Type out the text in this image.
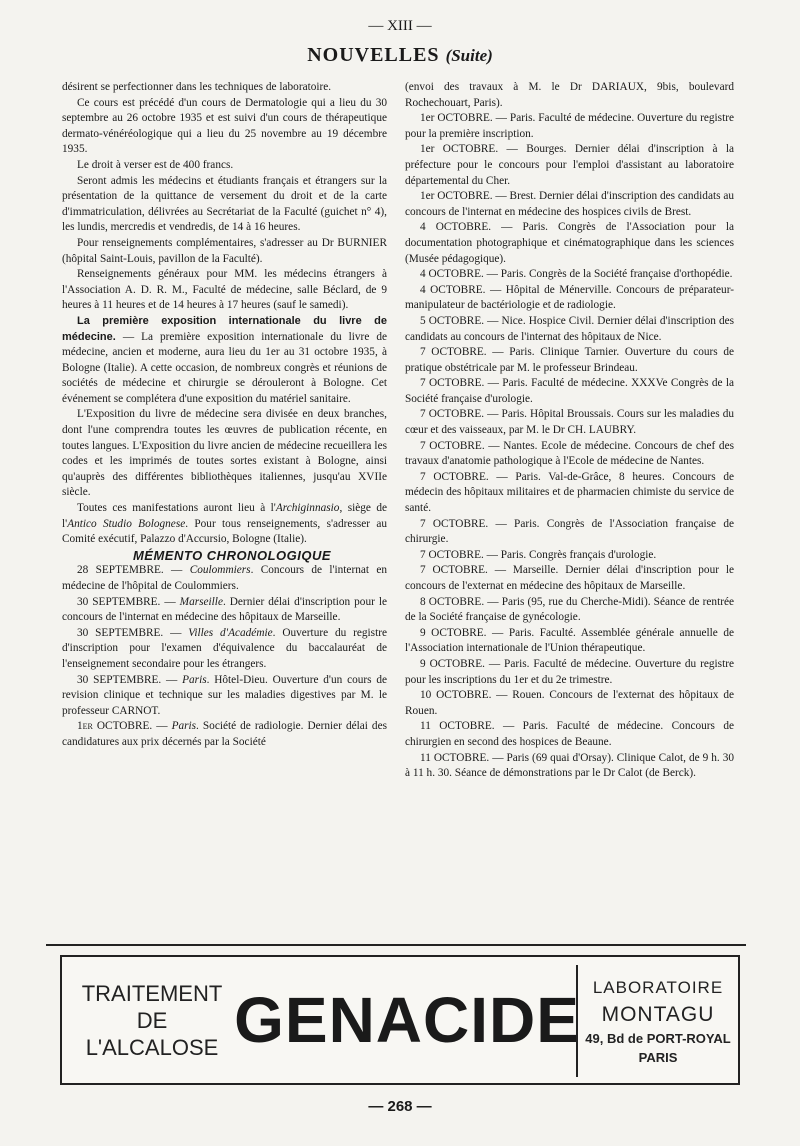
— XIII —
NOUVELLES (Suite)

désirent se perfectionner dans les techniques de laboratoire.

Ce cours est précédé d'un cours de Dermatologie qui a lieu du 30 septembre au 26 octobre 1935 et est suivi d'un cours de thérapeutique dermato-vénéréologique qui a lieu du 25 novembre au 19 décembre 1935.

Le droit à verser est de 400 francs.

Seront admis les médecins et étudiants français et étrangers sur la présentation de la quittance de versement du droit et de la carte d'immatriculation, délivrées au Secrétariat de la Faculté (guichet n° 4), les lundis, mercredis et vendredis, de 14 à 16 heures.

Pour renseignements complémentaires, s'adresser au Dr BURNIER (hôpital Saint-Louis, pavillon de la Faculté).

Renseignements généraux pour MM. les médecins étrangers à l'Association A. D. R. M., Faculté de médecine, salle Béclard, de 9 heures à 11 heures et de 14 heures à 17 heures (sauf le samedi).

La première exposition internationale du livre de médecine. — La première exposition internationale du livre de médecine, ancien et moderne, aura lieu du 1er au 31 octobre 1935, à Bologne (Italie). A cette occasion, de nombreux congrès et réunions de sociétés de médecine et chirurgie se dérouleront à Bologne. Cet événement se complétera d'une exposition du matériel sanitaire.

L'Exposition du livre de médecine sera divisée en deux branches, dont l'une comprendra toutes les œuvres de publication récente, en toutes langues. L'Exposition du livre ancien de médecine recueillera les codes et les imprimés de toutes sortes existant à Bologne, ainsi qu'auprès des différentes bibliothèques italiennes, jusqu'au XVIIe siècle.

Toutes ces manifestations auront lieu à l'Archiginnasio, siège de l'Antico Studio Bolognese. Pour tous renseignements, s'adresser au Comité exécutif, Palazzo d'Accursio, Bologne (Italie).

MÉMENTO CHRONOLOGIQUE

28 SEPTEMBRE. — Coulommiers. Concours de l'internat en médecine de l'hôpital de Coulommiers.

30 SEPTEMBRE. — Marseille. Dernier délai d'inscription pour le concours de l'internat en médecine des hôpitaux de Marseille.

30 SEPTEMBRE. — Villes d'Académie. Ouverture du registre d'inscription pour l'examen d'équivalence du baccalauréat de l'enseignement secondaire pour les étrangers.

30 SEPTEMBRE. — Paris. Hôtel-Dieu. Ouverture d'un cours de revision clinique et technique sur les maladies digestives par M. le professeur CARNOT.

1er OCTOBRE. — Paris. Société de radiologie. Dernier délai des candidatures aux prix décernés par la Société

(envoi des travaux à M. le Dr DARIAUX, 9bis, boulevard Rochechouart, Paris).

1er OCTOBRE. — Paris. Faculté de médecine. Ouverture du registre pour la première inscription.

1er OCTOBRE. — Bourges. Dernier délai d'inscription à la préfecture pour le concours pour l'emploi d'assistant au laboratoire départemental du Cher.

1er OCTOBRE. — Brest. Dernier délai d'inscription des candidats au concours de l'internat en médecine des hospices civils de Brest.

4 OCTOBRE. — Paris. Congrès de l'Association pour la documentation photographique et cinématographique dans les sciences (Musée pédagogique).

4 OCTOBRE. — Paris. Congrès de la Société française d'orthopédie.

4 OCTOBRE. — Hôpital de Ménerville. Concours de préparateur-manipulateur de bactériologie et de radiologie.

5 OCTOBRE. — Nice. Hospice Civil. Dernier délai d'inscription des candidats au concours de l'internat des hôpitaux de Nice.

7 OCTOBRE. — Paris. Clinique Tarnier. Ouverture du cours de pratique obstétricale par M. le professeur Brindeau.

7 OCTOBRE. — Paris. Faculté de médecine. XXXVe Congrès de la Société française d'urologie.

7 OCTOBRE. — Paris. Hôpital Broussais. Cours sur les maladies du cœur et des vaisseaux, par M. le Dr CH. LAUBRY.

7 OCTOBRE. — Nantes. Ecole de médecine. Concours de chef des travaux d'anatomie pathologique à l'Ecole de médecine de Nantes.

7 OCTOBRE. — Paris. Val-de-Grâce, 8 heures. Concours de médecin des hôpitaux militaires et de pharmacien chimiste du service de santé.

7 OCTOBRE. — Paris. Congrès de l'Association française de chirurgie.

7 OCTOBRE. — Paris. Congrès français d'urologie.

7 OCTOBRE. — Marseille. Dernier délai d'inscription pour le concours de l'externat en médecine des hôpitaux de Marseille.

8 OCTOBRE. — Paris (95, rue du Cherche-Midi). Séance de rentrée de la Société française de gynécologie.

9 OCTOBRE. — Paris. Faculté. Assemblée générale annuelle de l'Association internationale de l'Union thérapeutique.

9 OCTOBRE. — Paris. Faculté de médecine. Ouverture du registre pour les inscriptions du 1er et du 2e trimestre.

10 OCTOBRE. — Rouen. Concours de l'externat des hôpitaux de Rouen.

11 OCTOBRE. — Paris. Faculté de médecine. Concours de chirurgien en second des hospices de Beaune.

11 OCTOBRE. — Paris (69 quai d'Orsay). Clinique Calot, de 9 h. 30 à 11 h. 30. Séance de démonstrations par le Dr Calot (de Berck).

TRAITEMENT
DE
L'ALCALOSE GENACIDE LABORATOIRE
MONTAGU
49, Bd de PORT-ROYAL
PARIS
— 268 —
